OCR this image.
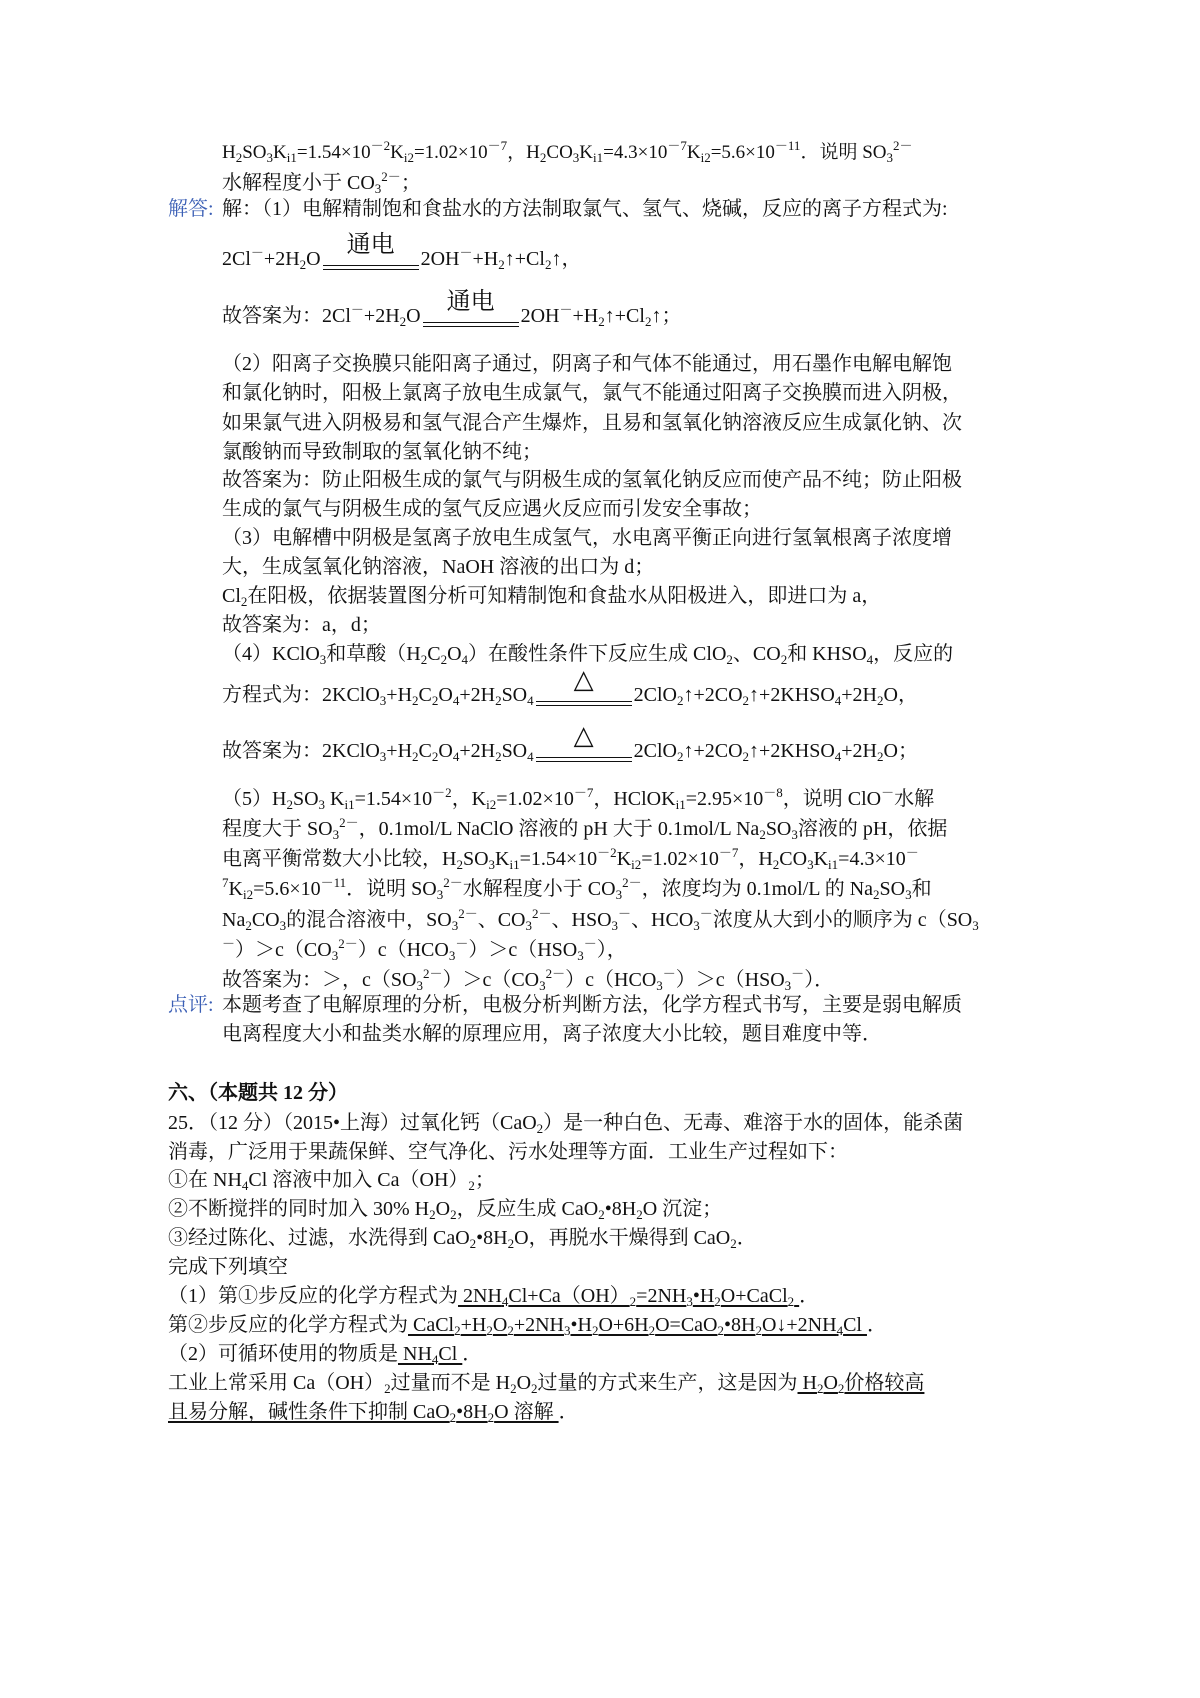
$H_2SO_3K_{i1}=1.54\times 10^{-2}K_{i2}=1.02\times 10^{-7}$，$H_2CO_3K_{i1}=4.3\times 10^{-7}K_{i2}=5.6\times 10^{-11}$．说明 $SO_3^{2-}$
水解程度小于 $CO_3^{2-}$；
解答: 解：（1）电解精制饱和食盐水的方法制取氯气、氢气、烧碱，反应的离子方程式为:
$2Cl^-+2H_2O$
通电
$2OH^-+H_2↑+Cl_2↑$，
故答案为：$2Cl^-+2H_2O$
通电
$2OH^-+H_2↑+Cl_2↑$；
（2）阳离子交换膜只能阳离子通过，阴离子和气体不能通过，用石墨作电解电解饱
和氯化钠时，阳极上氯离子放电生成氯气，氯气不能通过阳离子交换膜而进入阴极，
如果氯气进入阴极易和氢气混合产生爆炸，且易和氢氧化钠溶液反应生成氯化钠、次
氯酸钠而导致制取的氢氧化钠不纯；
故答案为：防止阳极生成的氯气与阴极生成的氢氧化钠反应而使产品不纯；防止阳极
生成的氯气与阴极生成的氢气反应遇火反应而引发安全事故；
（3）电解槽中阴极是氢离子放电生成氢气，水电离平衡正向进行氢氧根离子浓度增
大，生成氢氧化钠溶液，NaOH 溶液的出口为 d；
$Cl_2$在阳极，依据装置图分析可知精制饱和食盐水从阳极进入，即进口为 a，
故答案为：a，d；
（4）KClO$_3$和草酸$(H_2C_2O_4)$在酸性条件下反应生成 ClO$_2$、$CO_2$和 $KHSO_4$，反应的
方程式为：$2KClO_3+H_2C_2O_4+2H_2SO_4$
△	$2ClO_2↑+2CO_2↑+2KHSO_4+2H_2O$，
故答案为：$2KClO_3+H_2C_2O_4+2H_2SO_4$
△	$2ClO_2↑+2CO_2↑+2KHSO_4+2H_2O$；
$(5)H_2SO_3$ $K_{i1}=1.54\times 10^{-2}$，$K_{i2}=1.02\times 10^{-7}$，$HClOK_{i1}=2.95\times 10^{-8}$，说明 ClO－水解
程度大于 $SO_3^{2-}$，0.1mol/L NaClO 溶液的 pH 大于 0.1mol/L $Na_2SO_3$溶液的 pH，依据
电离平衡常数大小比较，$H_2SO_3K_{i1}=1.54\times 10^{-2}K_{i2}=1.02\times 10^{-7}$，$H_2CO_3K_{i1}=4.3\times 10^-$
$^7K_{i2}=5.6\times 10^{-11}$．说明 $SO_3^{2-}$水解程度小于 $CO_3^{2-}$，浓度均为 0.1mol/L 的 $Na_2SO_3$和
$Na_2CO_3$的混合溶液中，$SO_3^{2-}$、$CO_3^{2-}$、$HSO_3^-$、$HCO_3^-$浓度从大到小的顺序为 $c(SO_3$
$^-)>c(CO_3^{2-})c(HCO_3^-)>c(HSO_3^-)$，
故答案为：＞，$c(SO_3^{2-})>c(CO_3^{2-})c(HCO_3^-)>c(HSO_3^-)$．
点评: 本题考查了电解原理的分析，电极分析判断方法，化学方程式书写，主要是弱电解质
电离程度大小和盐类水解的原理应用，离子浓度大小比较，题目难度中等．
六、（本题共 12 分）
25．（12 分）（2015•上海）过氧化钙（CaO$_2$）是一种白色、无毒、难溶于水的固体，能杀菌
消毒，广泛用于果蔬保鲜、空气净化、污水处理等方面．工业生产过程如下：
①在 $NH_4Cl$ 溶液中加入 $Ca(OH)_2$；
②不断搅拌的同时加入 30% $H_2O_2$，反应生成 $CaO_2•8H_2O$ 沉淀；
③经过陈化、过滤，水洗得到 $CaO_2•8H_2O$，再脱水干燥得到 CaO$_2$．
完成下列填空
（1）第①步反应的化学方程式为 $2NH_4Cl+Ca(OH)_2=2NH_3•H_2O+CaCl_2$ ．
第②步反应的化学方程式为 $CaCl_2+H_2O_2+2NH_3•H_2O+6H_2O=CaO_2•8H_2O↓+2NH_4Cl$ ．
（2）可循环使用的物质是 $NH_4Cl$ ．
工业上常采用 $Ca(OH)_2$过量而不是 $H_2O_2$过量的方式来生产，这是因为 $H_2O_2$价格较高
且易分解，碱性条件下抑制 $CaO_2•8H_2O$ 溶解 ．
